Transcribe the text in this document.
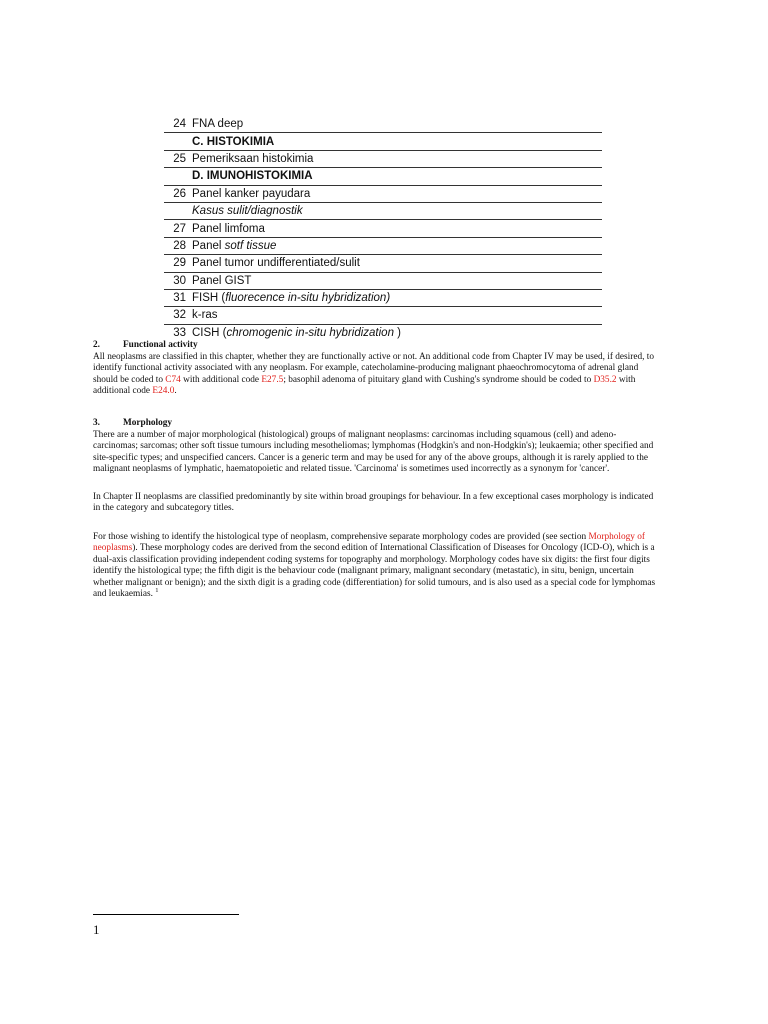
24 FNA deep
C. HISTOKIMIA
25 Pemeriksaan histokimia
D. IMUNOHISTOKIMIA
26 Panel kanker payudara
Kasus sulit/diagnostik
27 Panel limfoma
28 Panel sotf tissue
29 Panel tumor undifferentiated/sulit
30 Panel GIST
31 FISH (fluorecence in-situ hybridization)
32 k-ras
33 CISH (chromogenic in-situ hybridization )
2. Functional activity
All neoplasms are classified in this chapter, whether they are functionally active or not. An additional code from Chapter IV may be used, if desired, to identify functional activity associated with any neoplasm. For example, catecholamine-producing malignant phaeochromocytoma of adrenal gland should be coded to C74 with additional code E27.5; basophil adenoma of pituitary gland with Cushing's syndrome should be coded to D35.2 with additional code E24.0.
3. Morphology
There are a number of major morphological (histological) groups of malignant neoplasms: carcinomas including squamous (cell) and adeno-carcinomas; sarcomas; other soft tissue tumours including mesotheliomas; lymphomas (Hodgkin's and non-Hodgkin's); leukaemia; other specified and site-specific types; and unspecified cancers. Cancer is a generic term and may be used for any of the above groups, although it is rarely applied to the malignant neoplasms of lymphatic, haematopoietic and related tissue. 'Carcinoma' is sometimes used incorrectly as a synonym for 'cancer'.
In Chapter II neoplasms are classified predominantly by site within broad groupings for behaviour. In a few exceptional cases morphology is indicated in the category and subcategory titles.
For those wishing to identify the histological type of neoplasm, comprehensive separate morphology codes are provided (see section Morphology of neoplasms). These morphology codes are derived from the second edition of International Classification of Diseases for Oncology (ICD-O), which is a dual-axis classification providing independent coding systems for topography and morphology. Morphology codes have six digits: the first four digits identify the histological type; the fifth digit is the behaviour code (malignant primary, malignant secondary (metastatic), in situ, benign, uncertain whether malignant or benign); and the sixth digit is a grading code (differentiation) for solid tumours, and is also used as a special code for lymphomas and leukaemias. $^1$
1
